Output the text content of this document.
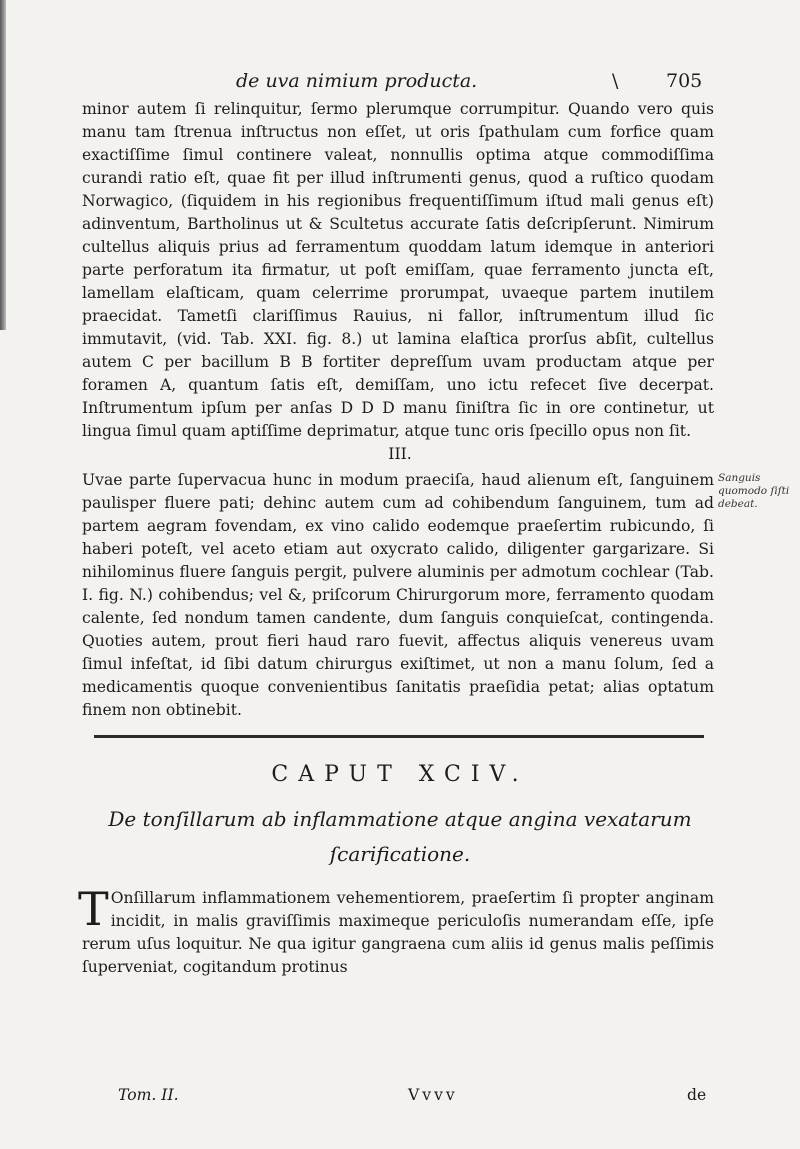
de uva nimium producta.	\	705

minor autem ſi relinquitur, ſermo plerumque corrumpitur. Quando vero quis manu tam ſtrenua inſtructus non eſſet, ut oris ſpathulam cum forfice quam exactiſſime ſimul continere valeat, nonnullis optima atque commodiſſima curandi ratio eſt, quae fit per illud inſtrumenti genus, quod a ruſtico quodam Norwagico, (ſiquidem in his regionibus frequentiſſimum iſtud mali genus eſt) adinventum, Bartholinus ut & Scultetus accurate ſatis deſcripſerunt. Nimirum cultellus aliquis prius ad ferramentum quoddam latum idemque in anteriori parte perforatum ita firmatur, ut poſt emiſſam, quae ferramento juncta eſt, lamellam elaſticam, quam celerrime prorumpat, uvaeque partem inutilem praecidat. Tametſi clariſſimus Rauius, ni fallor, inſtrumentum illud ſic immutavit, (vid. Tab. XXI. fig. 8.) ut lamina elaſtica prorſus abſit, cultellus autem C per bacillum B B fortiter depreſſum uvam productam atque per foramen A, quantum ſatis eſt, demiſſam, uno ictu refecet ſive decerpat. Inſtrumentum ipſum per anſas D D D manu ſiniſtra ſic in ore continetur, ut lingua ſimul quam aptiſſime deprimatur, atque tunc oris ſpecillo opus non ſit.

III.

Uvae parte ſupervacua hunc in modum praeciſa, haud alienum eſt, ſanguinem paulisper fluere pati; dehinc autem cum ad cohibendum ſanguinem, tum ad partem aegram fovendam, ex vino calido eodemque praeſertim rubicundo, ſi haberi poteſt, vel aceto etiam aut oxycrato calido, diligenter gargarizare. Si nihilominus fluere ſanguis pergit, pulvere aluminis per admotum cochlear (Tab. I. fig. N.) cohibendus; vel &, priſcorum Chirurgorum more, ferramento quodam calente, ſed nondum tamen candente, dum ſanguis conquieſcat, contingenda. Quoties autem, prout fieri haud raro fuevit, affectus aliquis venereus uvam ſimul infeſtat, id ſibi datum chirurgus exiſtimet, ut non a manu ſolum, ſed a medicamentis quoque convenientibus ſanitatis praeſidia petat; alias optatum finem non obtinebit.

Sanguis quomodo ſiſti debeat.
CAPUT XCIV.
De tonſillarum ab inflammatione atque angina vexatarum ſcarificatione.

T Onſillarum inflammationem vehementiorem, praeſertim ſi propter anginam incidit, in malis graviſſimis maximeque periculoſis numerandam eſſe, ipſe rerum uſus loquitur. Ne qua igitur gangraena cum aliis id genus malis peſſimis ſuperveniat, cogitandum protinus

Tom. II.	Vvvv	de
